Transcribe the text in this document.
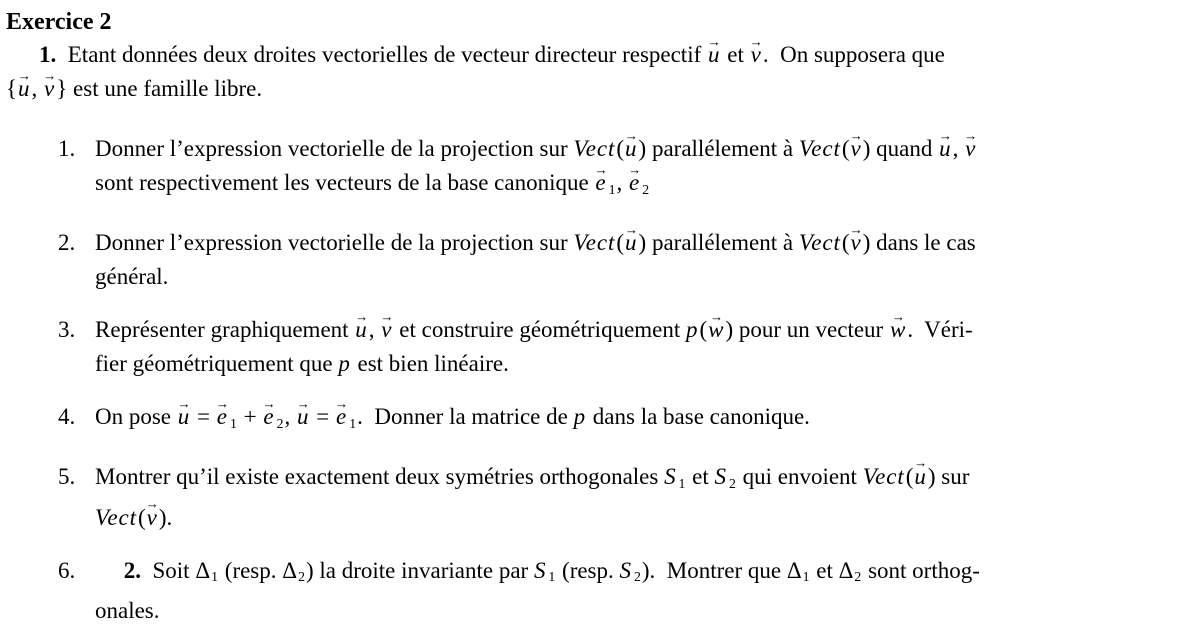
Exercice 2
1. Etant données deux droites vectorielles de vecteur directeur respectif u → et v →.  On supposera que
{u →, v →} est une famille libre.
1. Donner l’expression vectorielle de la projection sur Vect(u →) parallélement à Vect(v →) quand u →, v →
sont respectivement les vecteurs de la base canonique e → 1, e → 2
2. Donner l’expression vectorielle de la projection sur Vect(u →) parallélement à Vect(v →) dans le cas
général.
3. Représenter graphiquement u →, v → et construire géométriquement p(w →) pour un vecteur w →.  Véri-
fier géométriquement que p est bien linéaire.
4. On pose u → = e → 1 + e → 2, u → = e → 1.  Donner la matrice de p dans la base canonique.
5. Montrer qu’il existe exactement deux symétries orthogonales S 1 et S 2 qui envoient Vect(u →) sur
Vect(v →).
6.	2. Soit Δ1 (resp. Δ2) la droite invariante par S 1 (resp. S 2).  Montrer que Δ1 et Δ2 sont orthog-
onales.
